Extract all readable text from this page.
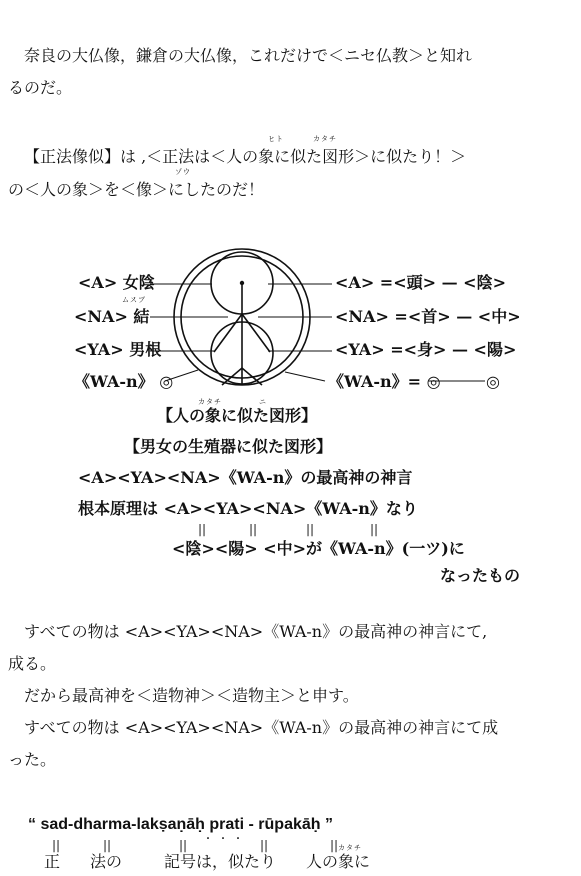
奈良の大仏像，鎌倉の大仏像，これだけで＜ニセ仏教＞と知れ
るのだ。
ヒト	カタチ
【正法像似】は ,＜正法は＜人の象に似た図形＞に似たり！＞
ゾウ
の＜人の象＞を＜像＞にしたのだ！
<A> 女陰
ムスブ
<NA> 結
<YA> 男根
《WA-n》 ◎
<A> =<頭> — <陰>
<NA> =<首> — <中>
<YA> =<身> — <陽>
《WA-n》= ◎	◎
カタチ	ニ
【人の象に似た図形】
【男女の生殖器に似た図形】
<A><YA><NA>《WA-n》の最高神の神言
根本原理は <A><YA><NA>《WA-n》なり
||	||	||	||
<陰><陽> <中>が《WA-n》(一ツ)に
なったもの
すべての物は <A><YA><NA>《WA-n》の最高神の神言にて,
成る。
だから最高神を＜造物神＞＜造物主＞と申す。
すべての物は <A><YA><NA>《WA-n》の最高神の神言にて成
った。
“ sad-dharma-lakṣaṇāḥ prati - rūpakāḥ ”
・ ・ ・
||	||	||	||	|| カタチ
正 法の	記号は，似たり 人の象に
